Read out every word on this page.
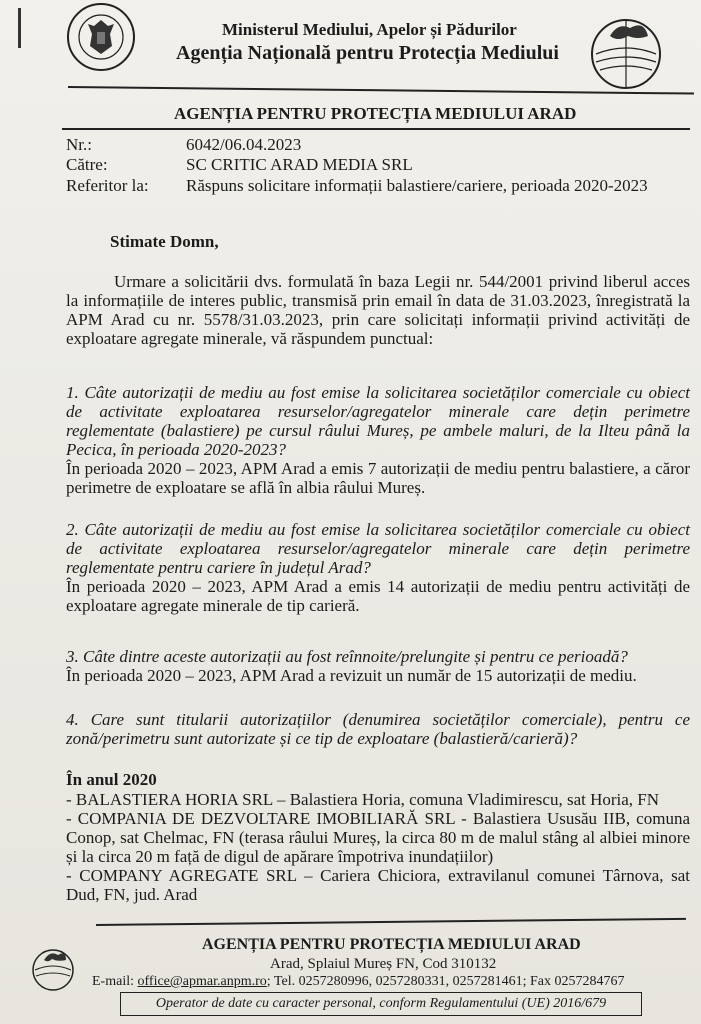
Ministerul Mediului, Apelor și Pădurilor
Agenția Națională pentru Protecția Mediului
AGENȚIA PENTRU PROTECȚIA MEDIULUI ARAD
Nr.:	6042/06.04.2023
Către:	SC CRITIC ARAD MEDIA SRL
Referitor la: Răspuns solicitare informații balastiere/cariere, perioada 2020-2023
Stimate Domn,
Urmare a solicitării dvs. formulată în baza Legii nr. 544/2001 privind liberul acces la informațiile de interes public, transmisă prin email în data de 31.03.2023, înregistrată la APM Arad cu nr. 5578/31.03.2023, prin care solicitați informații privind activități de exploatare agregate minerale, vă răspundem punctual:
1. Câte autorizații de mediu au fost emise la solicitarea societăților comerciale cu obiect de activitate exploatarea resurselor/agregatelor minerale care dețin perimetre reglementate (balastiere) pe cursul râului Mureș, pe ambele maluri, de la Ilteu până la Pecica, în perioada 2020-2023?
În perioada 2020 – 2023, APM Arad a emis 7 autorizații de mediu pentru balastiere, a căror perimetre de exploatare se află în albia râului Mureș.
2. Câte autorizații de mediu au fost emise la solicitarea societăților comerciale cu obiect de activitate exploatarea resurselor/agregatelor minerale care dețin perimetre reglementate pentru cariere în județul Arad?
În perioada 2020 – 2023, APM Arad a emis 14 autorizații de mediu pentru activități de exploatare agregate minerale de tip carieră.
3. Câte dintre aceste autorizații au fost reînnoite/prelungite și pentru ce perioadă?
În perioada 2020 – 2023, APM Arad a revizuit un număr de 15 autorizații de mediu.
4. Care sunt titularii autorizațiilor (denumirea societăților comerciale), pentru ce zonă/perimetru sunt autorizate și ce tip de exploatare (balastieră/carieră)?
În anul 2020

- BALASTIERA HORIA SRL – Balastiera Horia, comuna Vladimirescu, sat Horia, FN

- COMPANIA DE DEZVOLTARE IMOBILIARĂ SRL - Balastiera Ususău IIB, comuna Conop, sat Chelmac, FN (terasa râului Mureș, la circa 80 m de malul stâng al albiei minore și la circa 20 m față de digul de apărare împotriva inundațiilor)

- COMPANY AGREGATE SRL – Cariera Chiciora, extravilanul comunei Târnova, sat Dud, FN, jud. Arad

AGENȚIA PENTRU PROTECȚIA MEDIULUI ARAD
Arad, Splaiul Mureș FN, Cod 310132
E-mail: office@apmar.anpm.ro; Tel. 0257280996, 0257280331, 0257281461; Fax 0257284767
Operator de date cu caracter personal, conform Regulamentului (UE) 2016/679
